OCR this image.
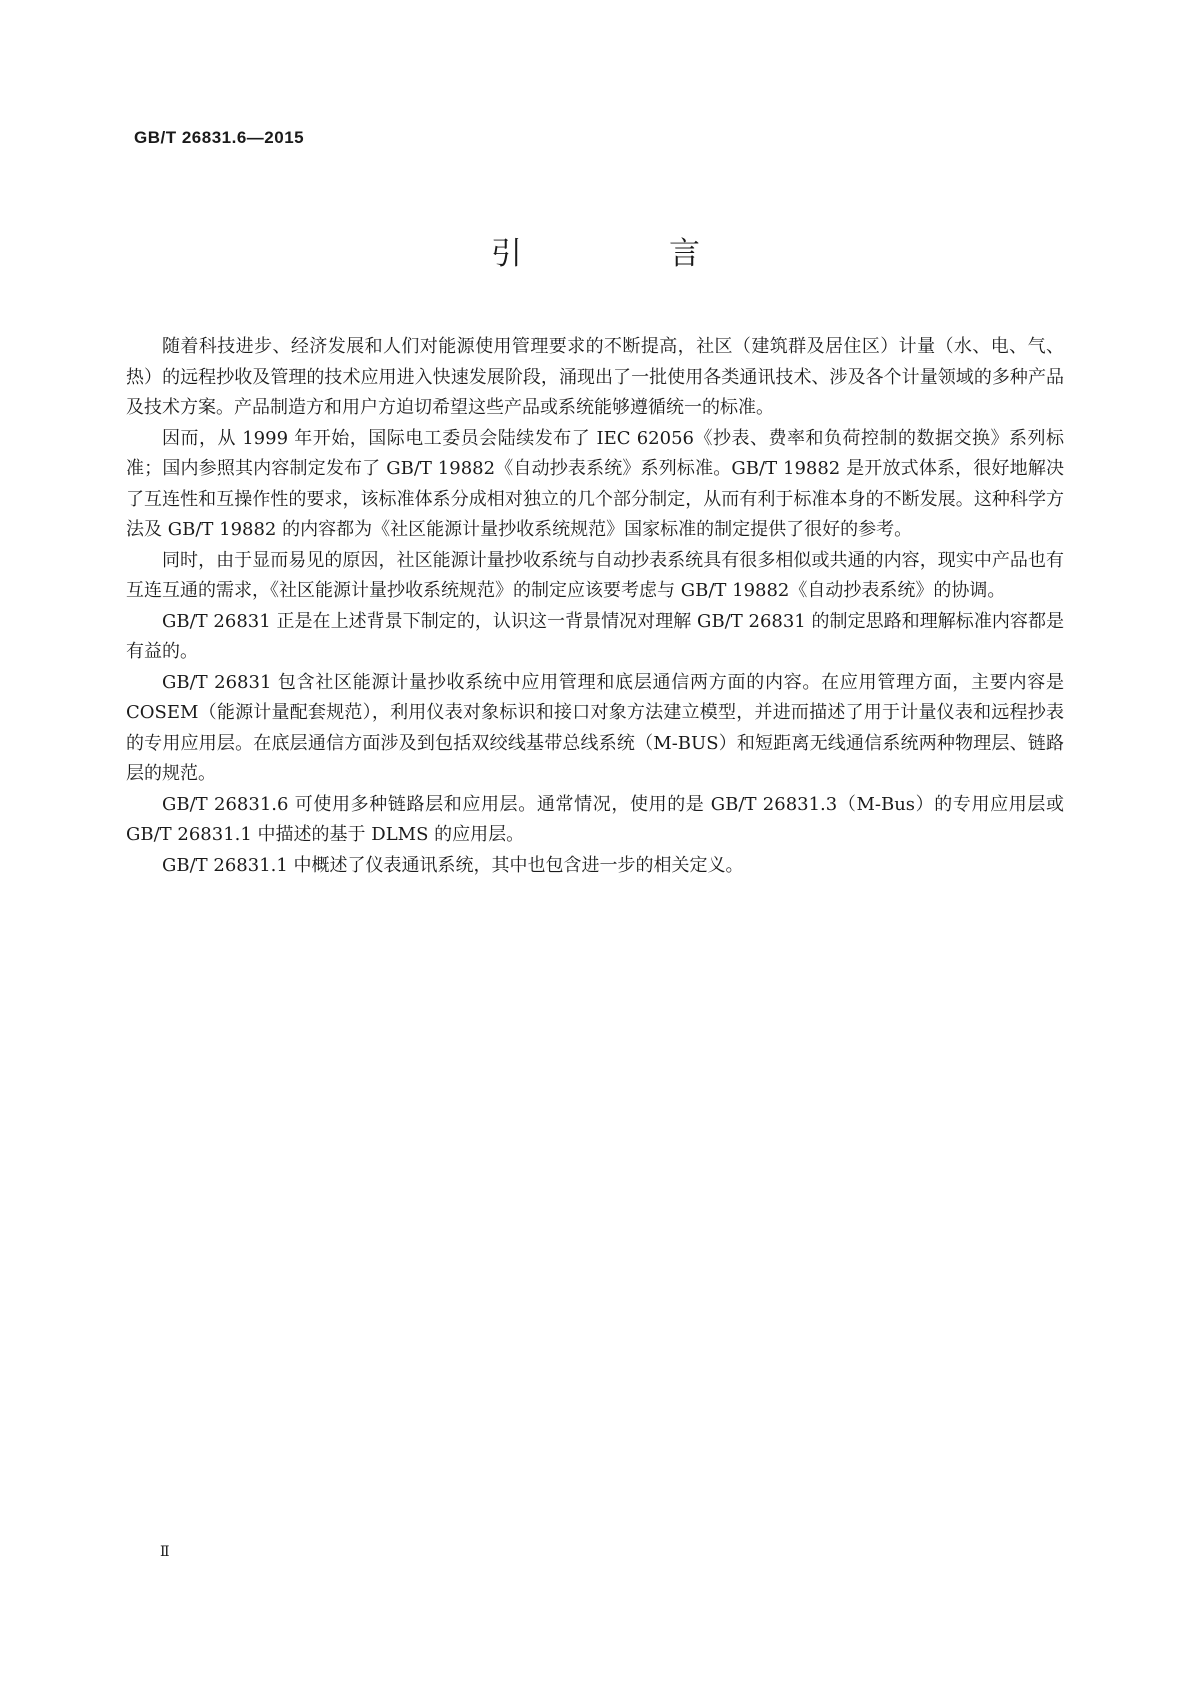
GB/T 26831.6—2015
引　言

随着科技进步、经济发展和人们对能源使用管理要求的不断提高，社区（建筑群及居住区）计量（水、电、气、热）的远程抄收及管理的技术应用进入快速发展阶段，涌现出了一批使用各类通讯技术、涉及各个计量领域的多种产品及技术方案。产品制造方和用户方迫切希望这些产品或系统能够遵循统一的标准。

因而，从 1999 年开始，国际电工委员会陆续发布了 IEC 62056《抄表、费率和负荷控制的数据交换》系列标准；国内参照其内容制定发布了 GB/T 19882《自动抄表系统》系列标准。GB/T 19882 是开放式体系，很好地解决了互连性和互操作性的要求，该标准体系分成相对独立的几个部分制定，从而有利于标准本身的不断发展。这种科学方法及 GB/T 19882 的内容都为《社区能源计量抄收系统规范》国家标准的制定提供了很好的参考。

同时，由于显而易见的原因，社区能源计量抄收系统与自动抄表系统具有很多相似或共通的内容，现实中产品也有互连互通的需求，《社区能源计量抄收系统规范》的制定应该要考虑与 GB/T 19882《自动抄表系统》的协调。

GB/T 26831 正是在上述背景下制定的，认识这一背景情况对理解 GB/T 26831 的制定思路和理解标准内容都是有益的。

GB/T 26831 包含社区能源计量抄收系统中应用管理和底层通信两方面的内容。在应用管理方面，主要内容是 COSEM（能源计量配套规范），利用仪表对象标识和接口对象方法建立模型，并进而描述了用于计量仪表和远程抄表的专用应用层。在底层通信方面涉及到包括双绞线基带总线系统（M-BUS）和短距离无线通信系统两种物理层、链路层的规范。

GB/T 26831.6 可使用多种链路层和应用层。通常情况，使用的是 GB/T 26831.3（M-Bus）的专用应用层或 GB/T 26831.1 中描述的基于 DLMS 的应用层。

GB/T 26831.1 中概述了仪表通讯系统，其中也包含进一步的相关定义。

Ⅱ
